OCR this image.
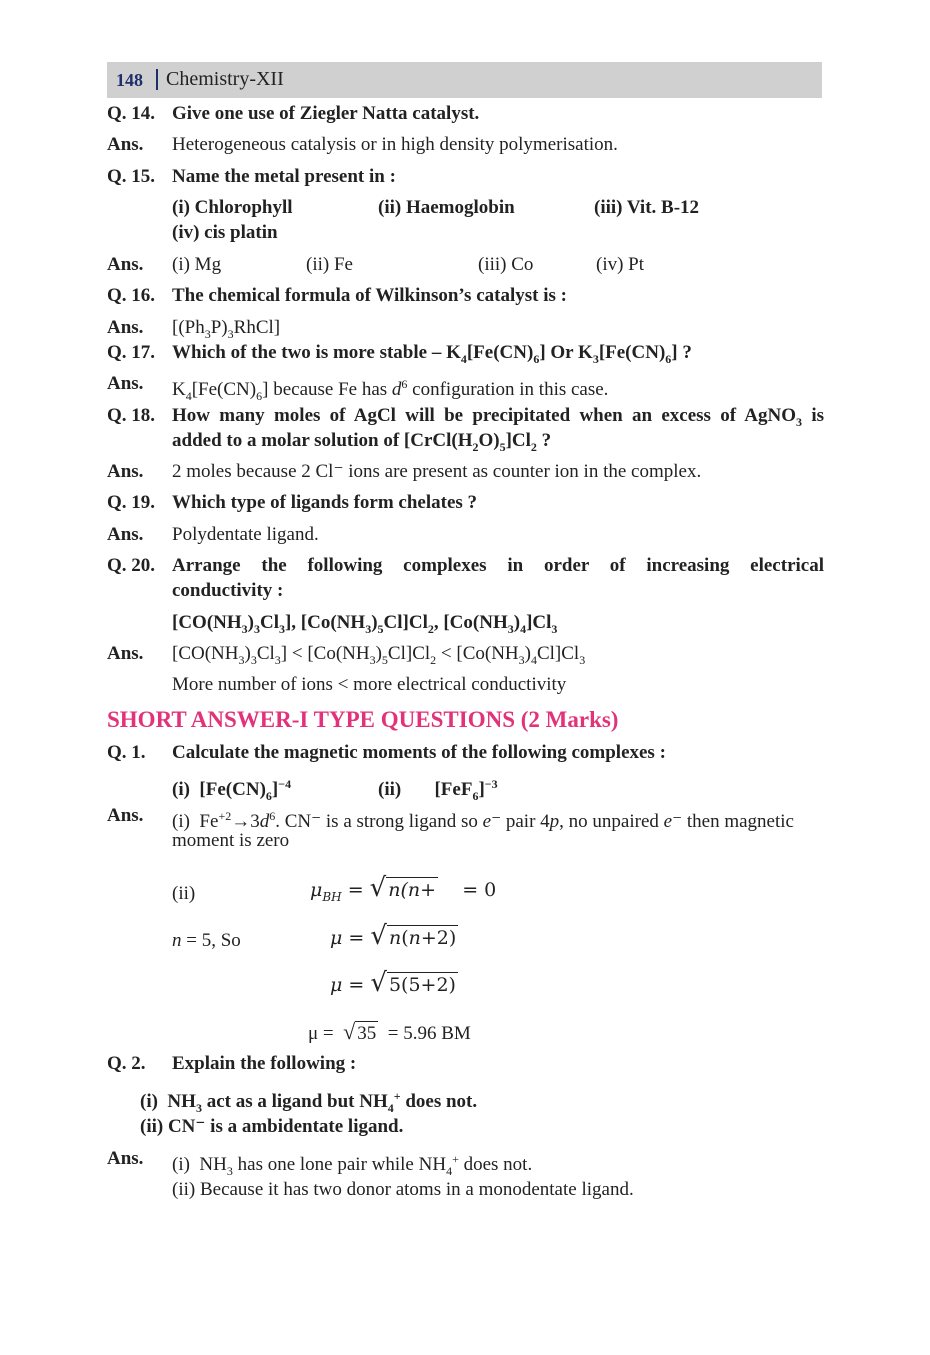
148 Chemistry-XII
Q. 14. Give one use of Ziegler Natta catalyst.
Ans. Heterogeneous catalysis or in high density polymerisation.
Q. 15. Name the metal present in :
(i) Chlorophyll	(ii) Haemoglobin	(iii) Vit. B-12
(iv) cis platin
Ans. (i) Mg	(ii) Fe	(iii) Co	(iv) Pt
Q. 16. The chemical formula of Wilkinson’s catalyst is :
Ans. $[(Ph_3P)_3RhCl]$
Q. 17. Which of the two is more stable – $K_4[Fe(CN)_6]$ Or $K_3[Fe(CN)_6]$ ?
Ans. $K_4[Fe(CN)_6]$ because Fe has $d^6$ configuration in this case.
Q. 18. How many moles of AgCl will be precipitated when an excess of AgNO$_3$ is
added to a molar solution of $[CrCl(H_2O)_5]Cl_2$ ?
Ans. 2 moles because 2 Cl⁻ ions are present as counter ion in the complex.
Q. 19. Which type of ligands form chelates ?
Ans. Polydentate ligand.
Q. 20. Arrange the following complexes in order of increasing electrical
conductivity :
$[CO(NH_3)_3Cl_3]$, $[Co(NH_3)_5Cl]Cl_2$, $[Co(NH_3)_4]Cl_3$
Ans. $[CO(NH_3)_3Cl_3] < [Co(NH_3)_5Cl]Cl_2 < [Co(NH_3)_4Cl]Cl_3$
More number of ions < more electrical conductivity
SHORT ANSWER-I TYPE QUESTIONS (2 Marks)
Q. 1. Calculate the magnetic moments of the following complexes :
(i)  $[Fe(CN)_6]^{-4}$	(ii)       $[FeF_6]^{-3}$
Ans. (i)  $Fe^{+2}\to 3d^6$. CN⁻ is a strong ligand so e⁻ pair 4p, no unpaired e⁻ then magnetic
moment is zero
(ii)	$\mu_{BH}$ = √ n(n+    = 0
n = 5, So	μ = √ n(n+2)
μ = √ 5(5+2)
μ =  √ 35 = 5.96 BM
Q. 2. Explain the following :
(i)  $NH_3$ act as a ligand but $NH_4^+$ does not.
(ii) CN⁻ is a ambidentate ligand.
Ans. (i)  $NH_3$ has one lone pair while $NH_4^+$ does not.
(ii) Because it has two donor atoms in a monodentate ligand.
